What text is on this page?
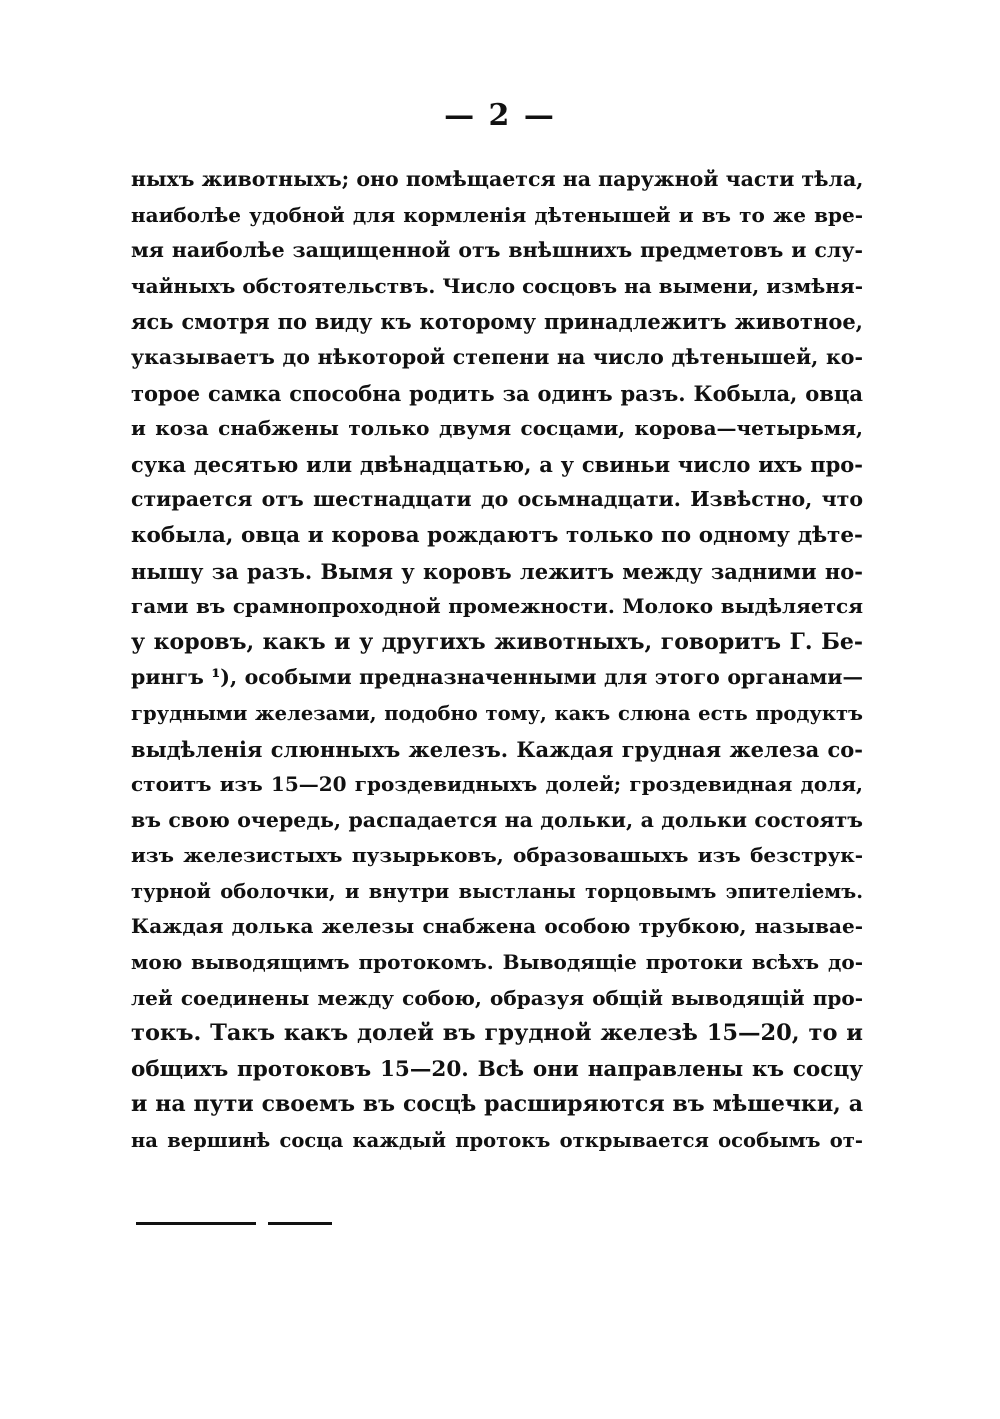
— 2 —
ныхъ животныхъ; оно помѣщается на паружной части тѣла,
наиболѣе удобной для кормленія дѣтенышей и въ то же вре-
мя наиболѣе защищенной отъ внѣшнихъ предметовъ и слу-
чайныхъ обстоятельствъ. Число сосцовъ на вымени, измѣня-
ясь смотря по виду къ которому принадлежитъ животное,
указываетъ до нѣкоторой степени на число дѣтенышей, ко-
торое самка способна родить за одинъ разъ. Кобыла, овца
и коза снабжены только двумя сосцами, корова—четырьмя,
сука десятью или двѣнадцатью, а у свиньи число ихъ про-
стирается отъ шестнадцати до осьмнадцати. Извѣстно, что
кобыла, овца и корова рождаютъ только по одному дѣте-
нышу за разъ. Вымя у коровъ лежитъ между задними но-
гами въ срамнопроходной промежности. Молоко выдѣляется
у коровъ, какъ и у другихъ животныхъ, говоритъ Г. Бе-
рингъ ¹), особыми предназначенными для этого органами—
грудными железами, подобно тому, какъ слюна есть продуктъ
выдѣленія слюнныхъ железъ. Каждая грудная железа со-
стоитъ изъ 15—20 гроздевидныхъ долей; гроздевидная доля,
въ свою очередь, распадается на дольки, а дольки состоятъ
изъ железистыхъ пузырьковъ, образовашыхъ изъ безструк-
турной оболочки, и внутри выстланы торцовымъ эпителіемъ.
Каждая долька железы снабжена особою трубкою, называе-
мою выводящимъ протокомъ. Выводящіе протоки всѣхъ до-
лей соединены между собою, образуя общій выводящій про-
токъ. Такъ какъ долей въ грудной железѣ 15—20, то и
общихъ протоковъ 15—20. Всѣ они направлены къ сосцу
и на пути своемъ въ сосцѣ расширяются въ мѣшечки, а
на вершинѣ сосца каждый протокъ открывается особымъ от-
